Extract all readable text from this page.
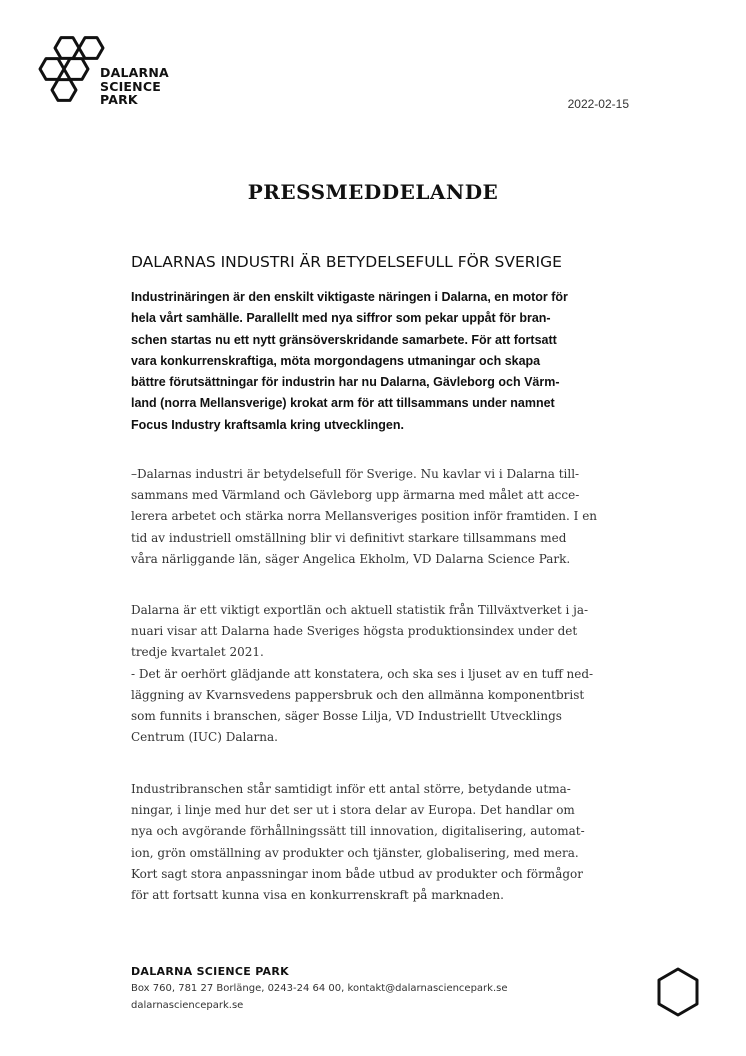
DALARNA
SCIENCE
PARK	2022-02-15
PRESSMEDDELANDE
DALARNAS INDUSTRI ÄR BETYDELSEFULL FÖR SVERIGE
Industrinäringen är den enskilt viktigaste näringen i Dalarna, en motor för
hela vårt samhälle. Parallellt med nya siffror som pekar uppåt för bran-
schen startas nu ett nytt gränsöverskridande samarbete. För att fortsatt
vara konkurrenskraftiga, möta morgondagens utmaningar och skapa
bättre förutsättningar för industrin har nu Dalarna, Gävleborg och Värm-
land (norra Mellansverige) krokat arm för att tillsammans under namnet
Focus Industry kraftsamla kring utvecklingen.
–Dalarnas industri är betydelsefull för Sverige. Nu kavlar vi i Dalarna till-
sammans med Värmland och Gävleborg upp ärmarna med målet att acce-
lerera arbetet och stärka norra Mellansveriges position inför framtiden. I en
tid av industriell omställning blir vi definitivt starkare tillsammans med
våra närliggande län, säger Angelica Ekholm, VD Dalarna Science Park.
Dalarna är ett viktigt exportlän och aktuell statistik från Tillväxtverket i ja-
nuari visar att Dalarna hade Sveriges högsta produktionsindex under det
tredje kvartalet 2021.
- Det är oerhört glädjande att konstatera, och ska ses i ljuset av en tuff ned-
läggning av Kvarnsvedens pappersbruk och den allmänna komponentbrist
som funnits i branschen, säger Bosse Lilja, VD Industriellt Utvecklings
Centrum (IUC) Dalarna.
Industribranschen står samtidigt inför ett antal större, betydande utma-
ningar, i linje med hur det ser ut i stora delar av Europa. Det handlar om
nya och avgörande förhållningssätt till innovation, digitalisering, automat-
ion, grön omställning av produkter och tjänster, globalisering, med mera.
Kort sagt stora anpassningar inom både utbud av produkter och förmågor
för att fortsatt kunna visa en konkurrenskraft på marknaden.
DALARNA SCIENCE PARK
Box 760, 781 27 Borlänge, 0243-24 64 00, kontakt@dalarnasciencepark.se
dalarnasciencepark.se
